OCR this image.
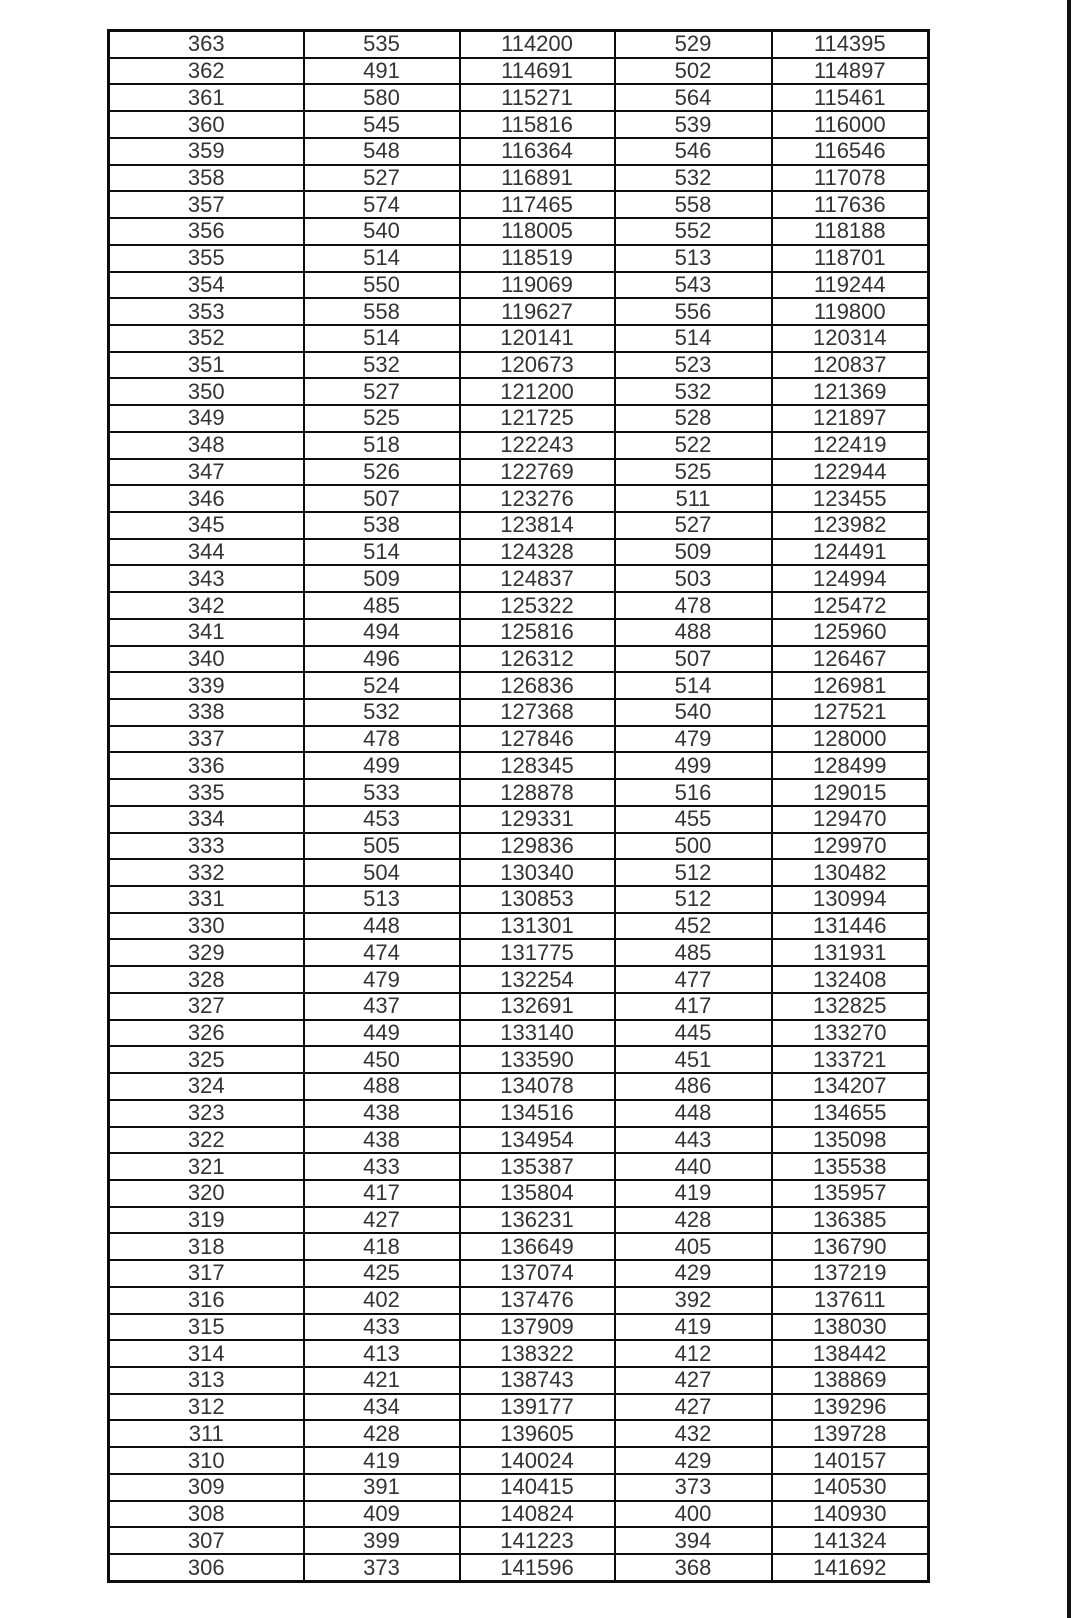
363	535	114200	529	114395
362	491	114691	502	114897
361	580	115271	564	115461
360	545	115816	539	116000
359	548	116364	546	116546
358	527	116891	532	117078
357	574	117465	558	117636
356	540	118005	552	118188
355	514	118519	513	118701
354	550	119069	543	119244
353	558	119627	556	119800
352	514	120141	514	120314
351	532	120673	523	120837
350	527	121200	532	121369
349	525	121725	528	121897
348	518	122243	522	122419
347	526	122769	525	122944
346	507	123276	511	123455
345	538	123814	527	123982
344	514	124328	509	124491
343	509	124837	503	124994
342	485	125322	478	125472
341	494	125816	488	125960
340	496	126312	507	126467
339	524	126836	514	126981
338	532	127368	540	127521
337	478	127846	479	128000
336	499	128345	499	128499
335	533	128878	516	129015
334	453	129331	455	129470
333	505	129836	500	129970
332	504	130340	512	130482
331	513	130853	512	130994
330	448	131301	452	131446
329	474	131775	485	131931
328	479	132254	477	132408
327	437	132691	417	132825
326	449	133140	445	133270
325	450	133590	451	133721
324	488	134078	486	134207
323	438	134516	448	134655
322	438	134954	443	135098
321	433	135387	440	135538
320	417	135804	419	135957
319	427	136231	428	136385
318	418	136649	405	136790
317	425	137074	429	137219
316	402	137476	392	137611
315	433	137909	419	138030
314	413	138322	412	138442
313	421	138743	427	138869
312	434	139177	427	139296
311	428	139605	432	139728
310	419	140024	429	140157
309	391	140415	373	140530
308	409	140824	400	140930
307	399	141223	394	141324
306	373	141596	368	141692
